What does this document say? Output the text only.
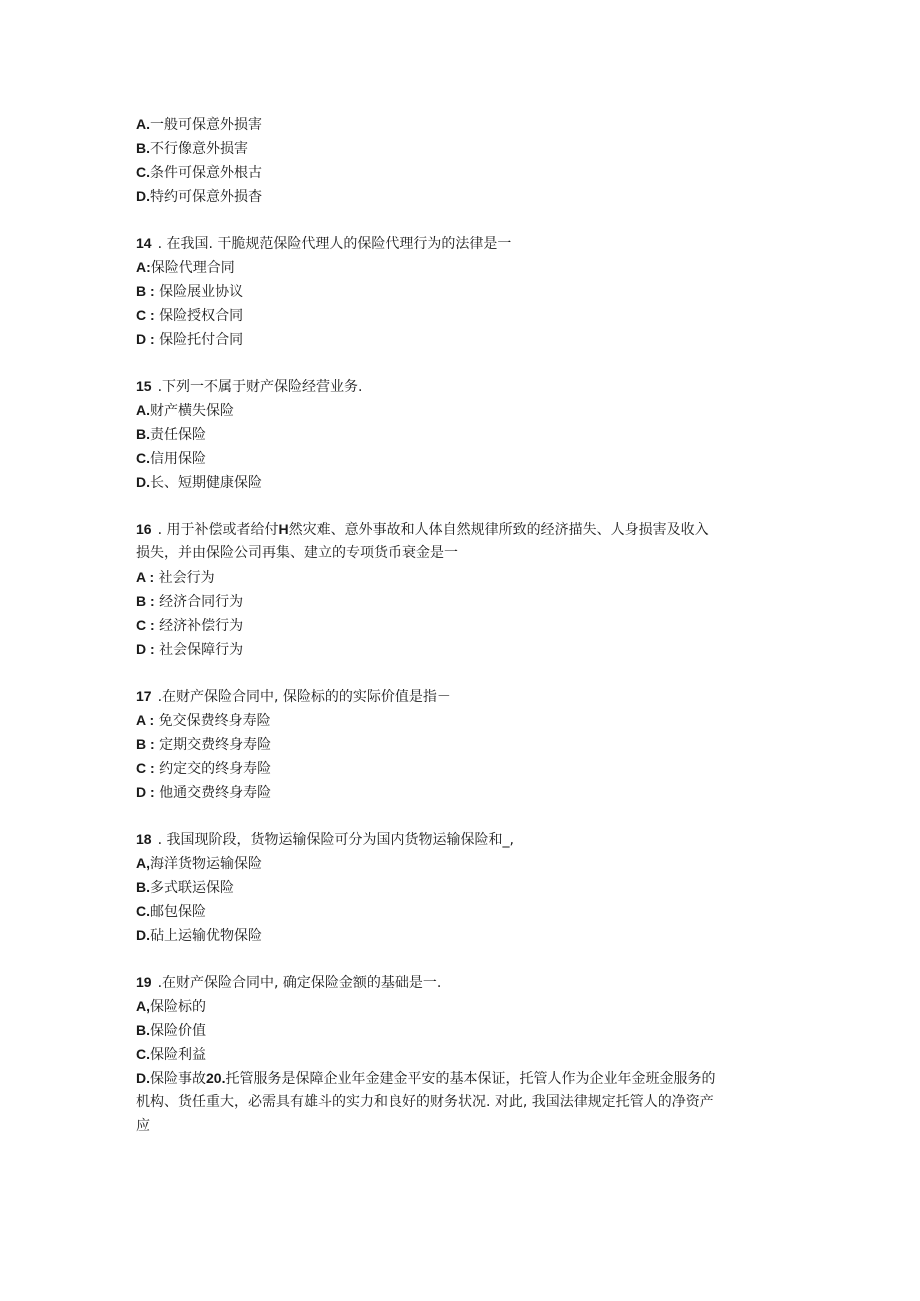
A.一般可保意外损害
B.不行像意外损害
C.条件可保意外根古
D.特约可保意外损杳
14 . 在我国. 干脆规范保险代理人的保险代理行为的法律是一
A:保险代理合同
B : 保险展业协议
C : 保险授权合同
D : 保险托付合同
15 .下列一不属于财产保险经营业务.
A.财产横失保险
B.责任保险
C.信用保险
D.长、短期健康保险
16 . 用于补偿或者给付H然灾难、意外事故和人体自然规律所致的经济描失、人身损害及收入
损失，并由保险公司再集、建立的专项货币衰金是一
A : 社会行为
B : 经济合同行为
C : 经济补偿行为
D : 社会保障行为
17 .在财产保险合同中, 保险标的的实际价值是指－
A : 免交保费终身寿险
B : 定期交费终身寿险
C : 约定交的终身寿险
D : 他通交费终身寿险
18 . 我国现阶段，货物运输保险可分为国内货物运输保险和_,
A,海洋货物运输保险
B.多式联运保险
C.邮包保险
D.砧上运输优物保险
19 .在财产保险合同中, 确定保险金额的基础是一.
A,保险标的
B.保险价值
C.保险利益
D.保险事故20.托管服务是保障企业年金建金平安的基本保证，托管人作为企业年金班金服务的
机构、货任重大，必需具有雄斗的实力和良好的财务状况. 对此, 我国法律规定托管人的净资产
应
